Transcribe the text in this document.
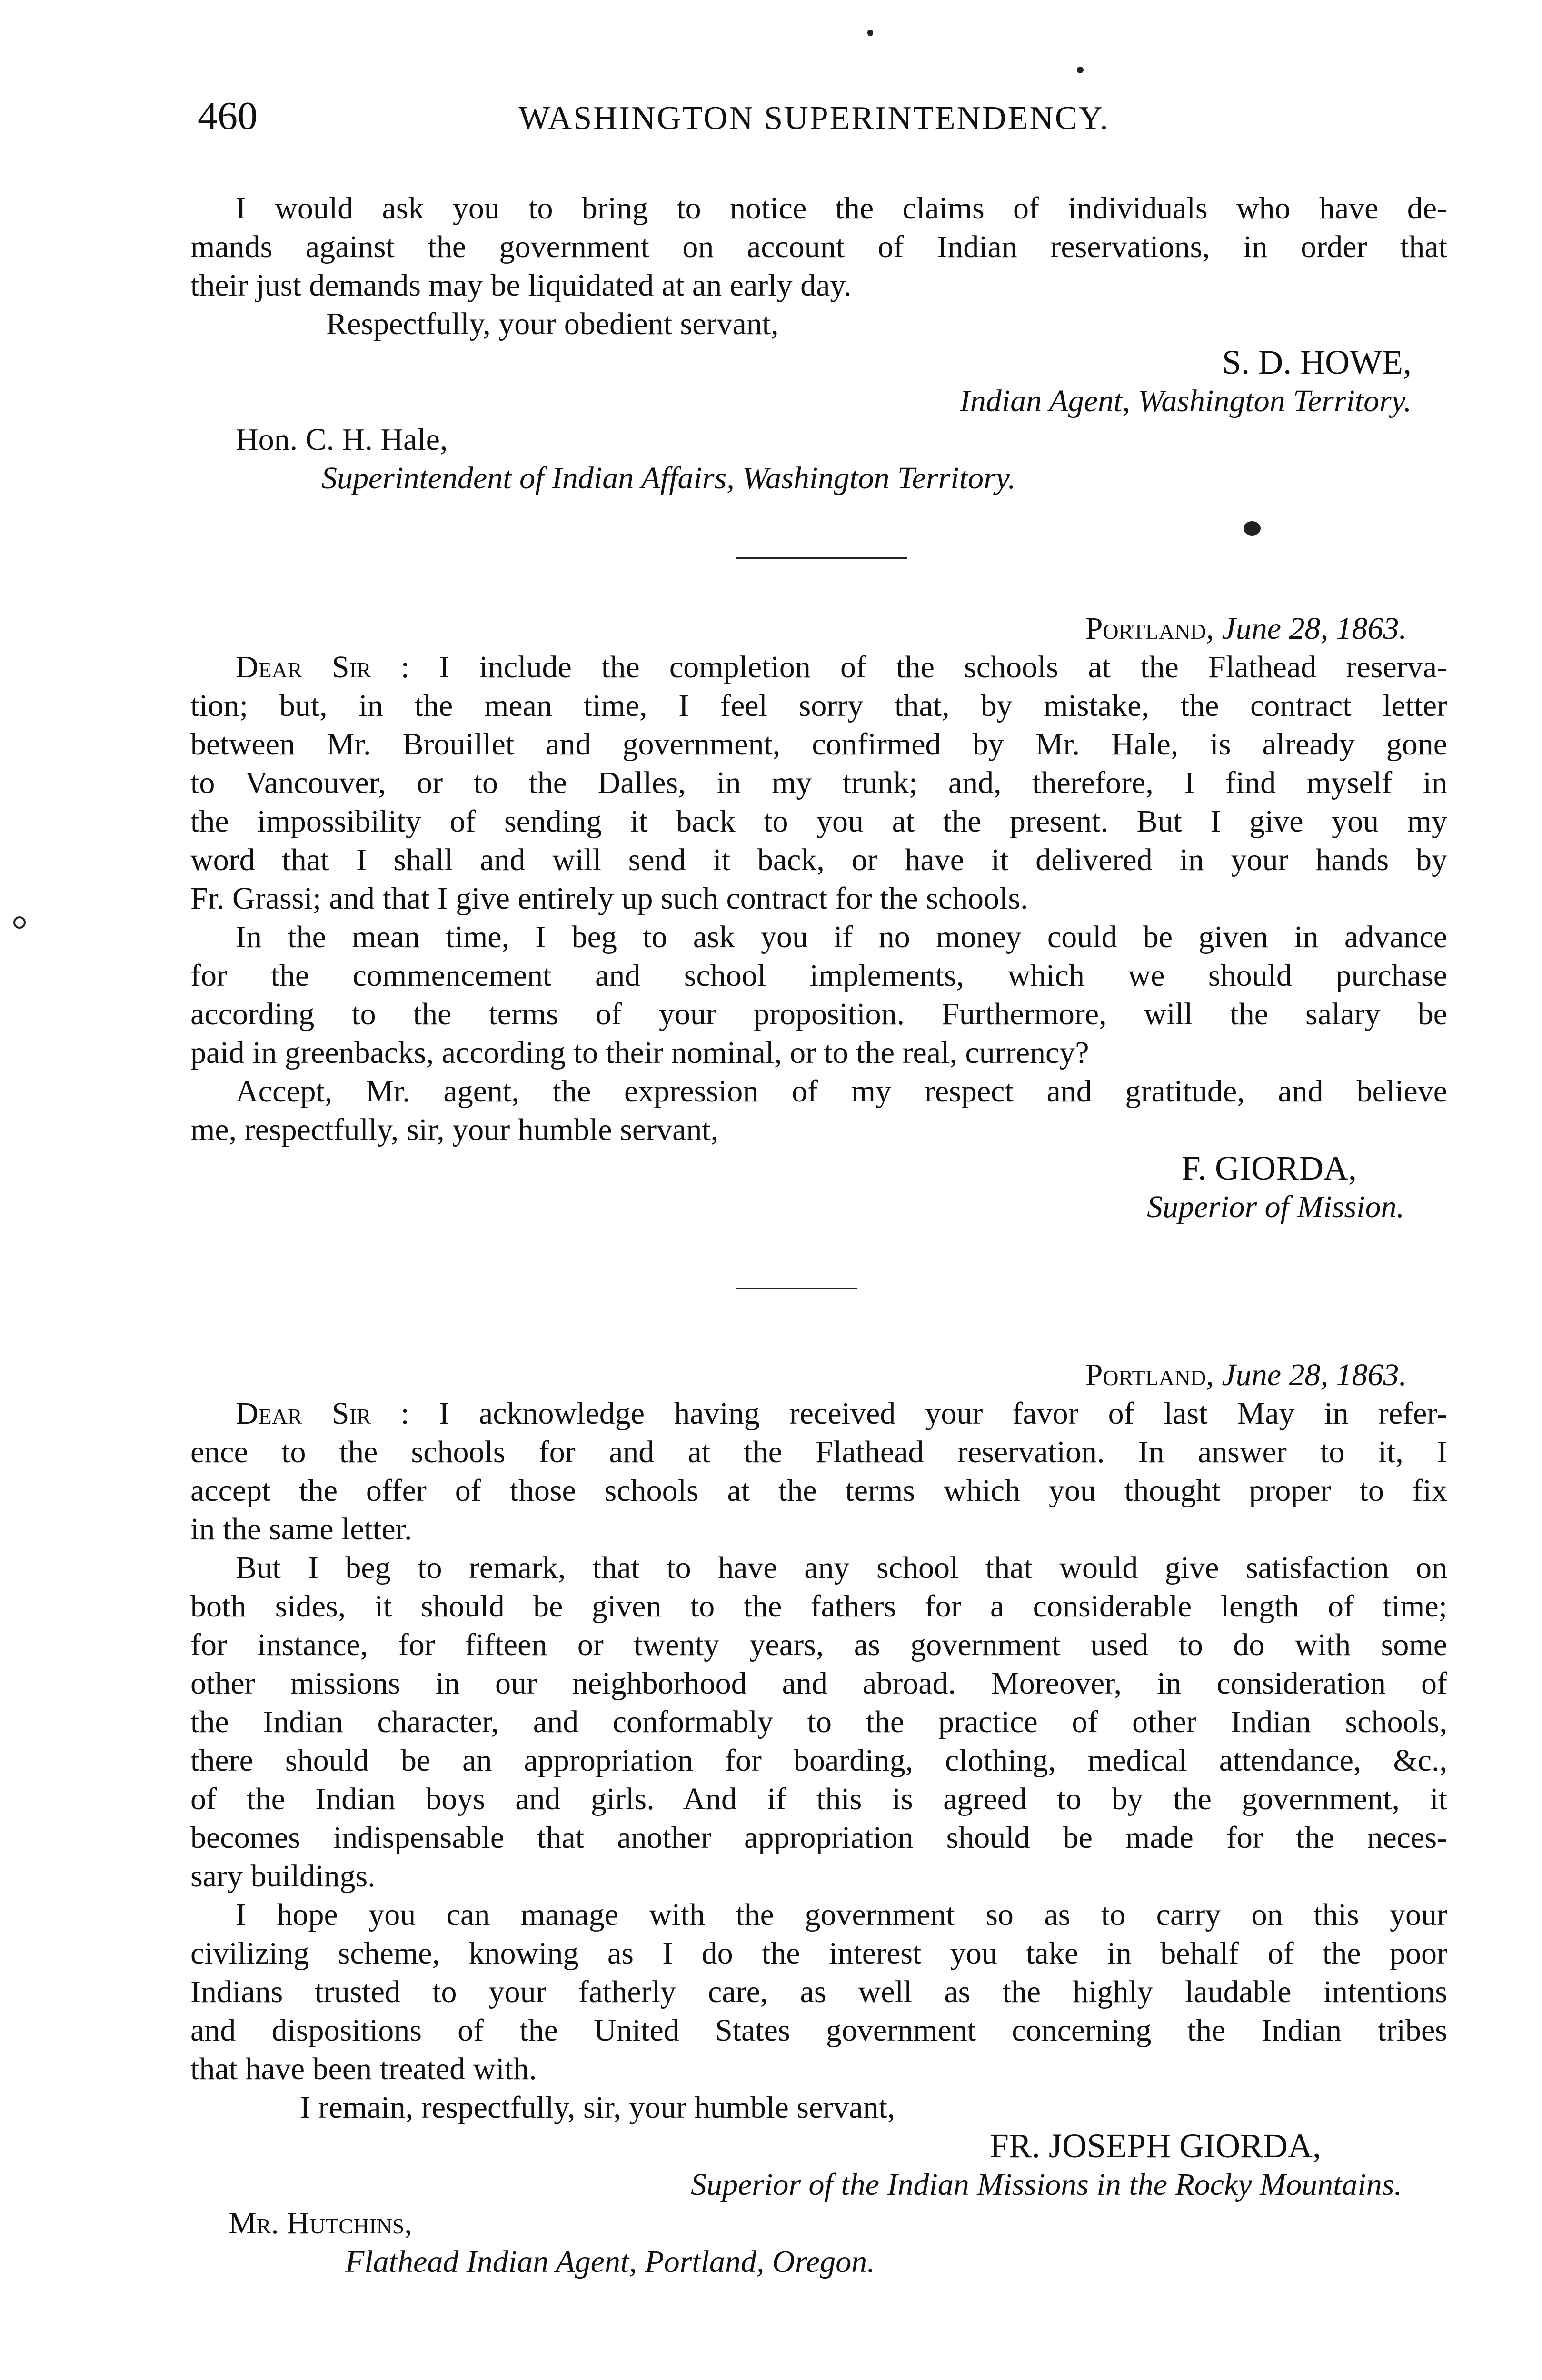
460	WASHINGTON SUPERINTENDENCY.
I would ask you to bring to notice the claims of individuals who have de-
mands against the government on account of Indian reservations, in order that
their just demands may be liquidated at an early day.
Respectfully, your obedient servant,
S. D. HOWE,
Indian Agent, Washington Territory.
Hon. C. H. Hale,
Superintendent of Indian Affairs, Washington Territory.
Portland, June 28, 1863.
Dear Sir : I include the completion of the schools at the Flathead reserva-
tion; but, in the mean time, I feel sorry that, by mistake, the contract letter
between Mr. Brouillet and government, confirmed by Mr. Hale, is already gone
to Vancouver, or to the Dalles, in my trunk; and, therefore, I find myself in
the impossibility of sending it back to you at the present. But I give you my
word that I shall and will send it back, or have it delivered in your hands by
Fr. Grassi; and that I give entirely up such contract for the schools.
In the mean time, I beg to ask you if no money could be given in advance
for the commencement and school implements, which we should purchase
according to the terms of your proposition. Furthermore, will the salary be
paid in greenbacks, according to their nominal, or to the real, currency?
Accept, Mr. agent, the expression of my respect and gratitude, and believe
me, respectfully, sir, your humble servant,
F. GIORDA,
Superior of Mission.
Portland, June 28, 1863.
Dear Sir : I acknowledge having received your favor of last May in refer-
ence to the schools for and at the Flathead reservation. In answer to it, I
accept the offer of those schools at the terms which you thought proper to fix
in the same letter.
But I beg to remark, that to have any school that would give satisfaction on
both sides, it should be given to the fathers for a considerable length of time;
for instance, for fifteen or twenty years, as government used to do with some
other missions in our neighborhood and abroad. Moreover, in consideration of
the Indian character, and conformably to the practice of other Indian schools,
there should be an appropriation for boarding, clothing, medical attendance, &c.,
of the Indian boys and girls. And if this is agreed to by the government, it
becomes indispensable that another appropriation should be made for the neces-
sary buildings.
I hope you can manage with the government so as to carry on this your
civilizing scheme, knowing as I do the interest you take in behalf of the poor
Indians trusted to your fatherly care, as well as the highly laudable intentions
and dispositions of the United States government concerning the Indian tribes
that have been treated with.
I remain, respectfully, sir, your humble servant,
FR. JOSEPH GIORDA,
Superior of the Indian Missions in the Rocky Mountains.
Mr. Hutchins,
Flathead Indian Agent, Portland, Oregon.
